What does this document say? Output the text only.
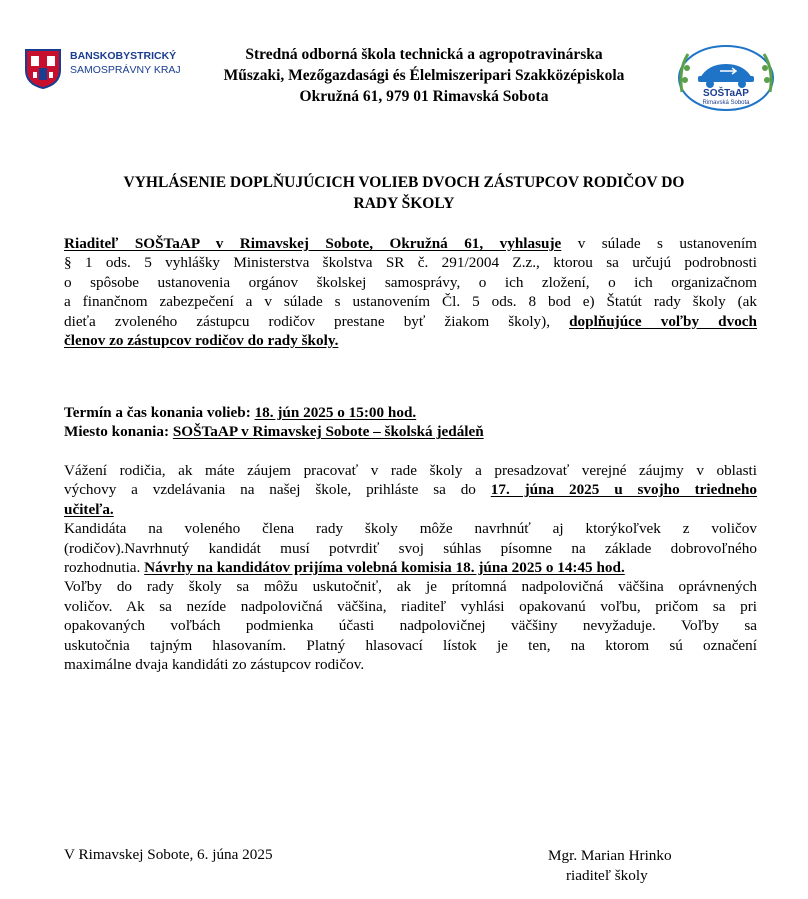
BANSKOBYSTRICKÝ
SAMOSPRÁVNY KRAJ
Stredná odborná škola technická a agropotravinárska
Műszaki, Mezőgazdasági és Élelmiszeripari Szakközépiskola
Okružná 61, 979 01 Rimavská Sobota	SOŠTaAP
Rimavská Sobota
VYHLÁSENIE DOPLŇUJÚCICH VOLIEB DVOCH ZÁSTUPCOV RODIČOV DO
RADY ŠKOLY
Riaditeľ SOŠTaAP v Rimavskej Sobote, Okružná 61, vyhlasuje v súlade s ustanovením
§ 1 ods. 5 vyhlášky Ministerstva školstva SR č. 291/2004 Z.z., ktorou sa určujú podrobnosti
o spôsobe ustanovenia orgánov školskej samosprávy, o ich zložení, o ich organizačnom
a finančnom zabezpečení a v súlade s ustanovením Čl. 5 ods. 8 bod e) Štatút rady školy (ak
dieťa zvoleného zástupcu rodičov prestane byť žiakom školy), doplňujúce voľby dvoch
členov zo zástupcov rodičov do rady školy.
Termín a čas konania volieb: 18. jún 2025 o 15:00 hod.
Miesto konania: SOŠTaAP v Rimavskej Sobote – školská jedáleň
Vážení rodičia, ak máte záujem pracovať v rade školy a presadzovať verejné záujmy v oblasti
výchovy a vzdelávania na našej škole, prihláste sa do 17. júna 2025 u svojho triedneho
učiteľa.
Kandidáta na voleného člena rady školy môže navrhnúť aj ktorýkoľvek z voličov
(rodičov).Navrhnutý kandidát musí potvrdiť svoj súhlas písomne na základe dobrovoľného
rozhodnutia. Návrhy na kandidátov prijíma volebná komisia 18. júna 2025 o 14:45 hod.
Voľby do rady školy sa môžu uskutočniť, ak je prítomná nadpolovičná väčšina oprávnených
voličov. Ak sa nezíde nadpolovičná väčšina, riaditeľ vyhlási opakovanú voľbu, pričom sa pri
opakovaných voľbách podmienka účasti nadpolovičnej väčšiny nevyžaduje. Voľby sa
uskutočnia tajným hlasovaním. Platný hlasovací lístok je ten, na ktorom sú označení
maximálne dvaja kandidáti zo zástupcov rodičov.
V Rimavskej Sobote, 6. júna 2025	Mgr. Marian Hrinko
riaditeľ školy
